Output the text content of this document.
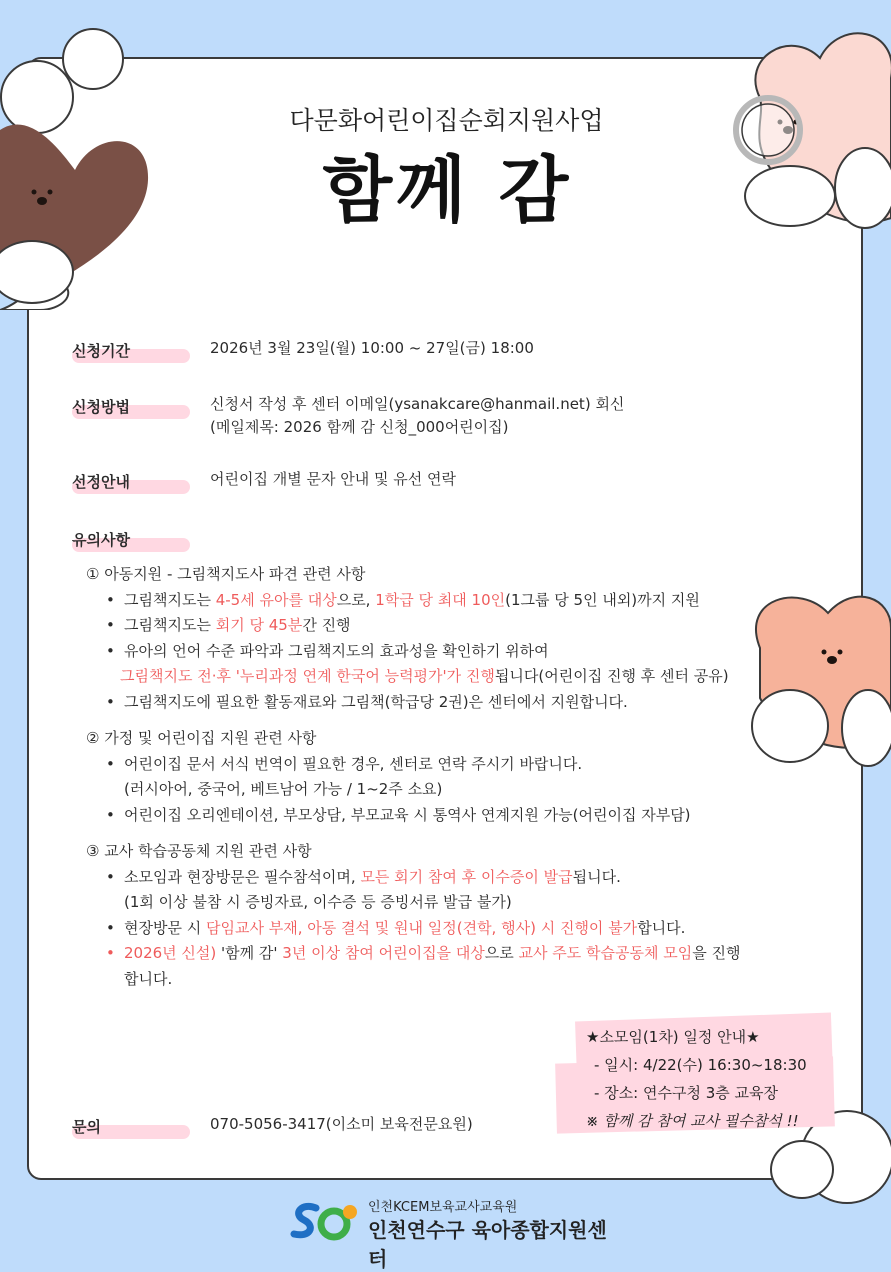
다문화어린이집순회지원사업
함께 감
신청기간	2026년 3월 23일(월) 10:00 ~ 27일(금) 18:00
신청방법	신청서 작성 후 센터 이메일(ysanakcare@hanmail.net) 회신
(메일제목: 2026 함께 감 신청_000어린이집)
선정안내	어린이집 개별 문자 안내 및 유선 연락
유의사항
① 아동지원 - 그림책지도사 파견 관련 사항
• 그림책지도는 4-5세 유아를 대상으로, 1학급 당 최대 10인(1그룹 당 5인 내외)까지 지원
• 그림책지도는 회기 당 45분간 진행
• 유아의 언어 수준 파악과 그림책지도의 효과성을 확인하기 위하여
그림책지도 전·후 '누리과정 연계 한국어 능력평가'가 진행됩니다(어린이집 진행 후 센터 공유)
• 그림책지도에 필요한 활동재료와 그림책(학급당 2권)은 센터에서 지원합니다.
② 가정 및 어린이집 지원 관련 사항
• 어린이집 문서 서식 번역이 필요한 경우, 센터로 연락 주시기 바랍니다.
(러시아어, 중국어, 베트남어 가능 / 1~2주 소요)
• 어린이집 오리엔테이션, 부모상담, 부모교육 시 통역사 연계지원 가능(어린이집 자부담)
③ 교사 학습공동체 지원 관련 사항
• 소모임과 현장방문은 필수참석이며, 모든 회기 참여 후 이수증이 발급됩니다.
(1회 이상 불참 시 증빙자료, 이수증 등 증빙서류 발급 불가)
• 현장방문 시 담임교사 부재, 아동 결석 및 원내 일정(견학, 행사) 시 진행이 불가합니다.
• 2026년 신설) '함께 감' 3년 이상 참여 어린이집을 대상으로 교사 주도 학습공동체 모임을 진행
합니다.
★소모임(1차) 일정 안내★
- 일시: 4/22(수) 16:30~18:30
- 장소: 연수구청 3층 교육장
※ 함께 감 참여 교사 필수참석 !!
문의	070-5056-3417(이소미 보육전문요원)
인천KCEM보육교사교육원
인천연수구 육아종합지원센터
